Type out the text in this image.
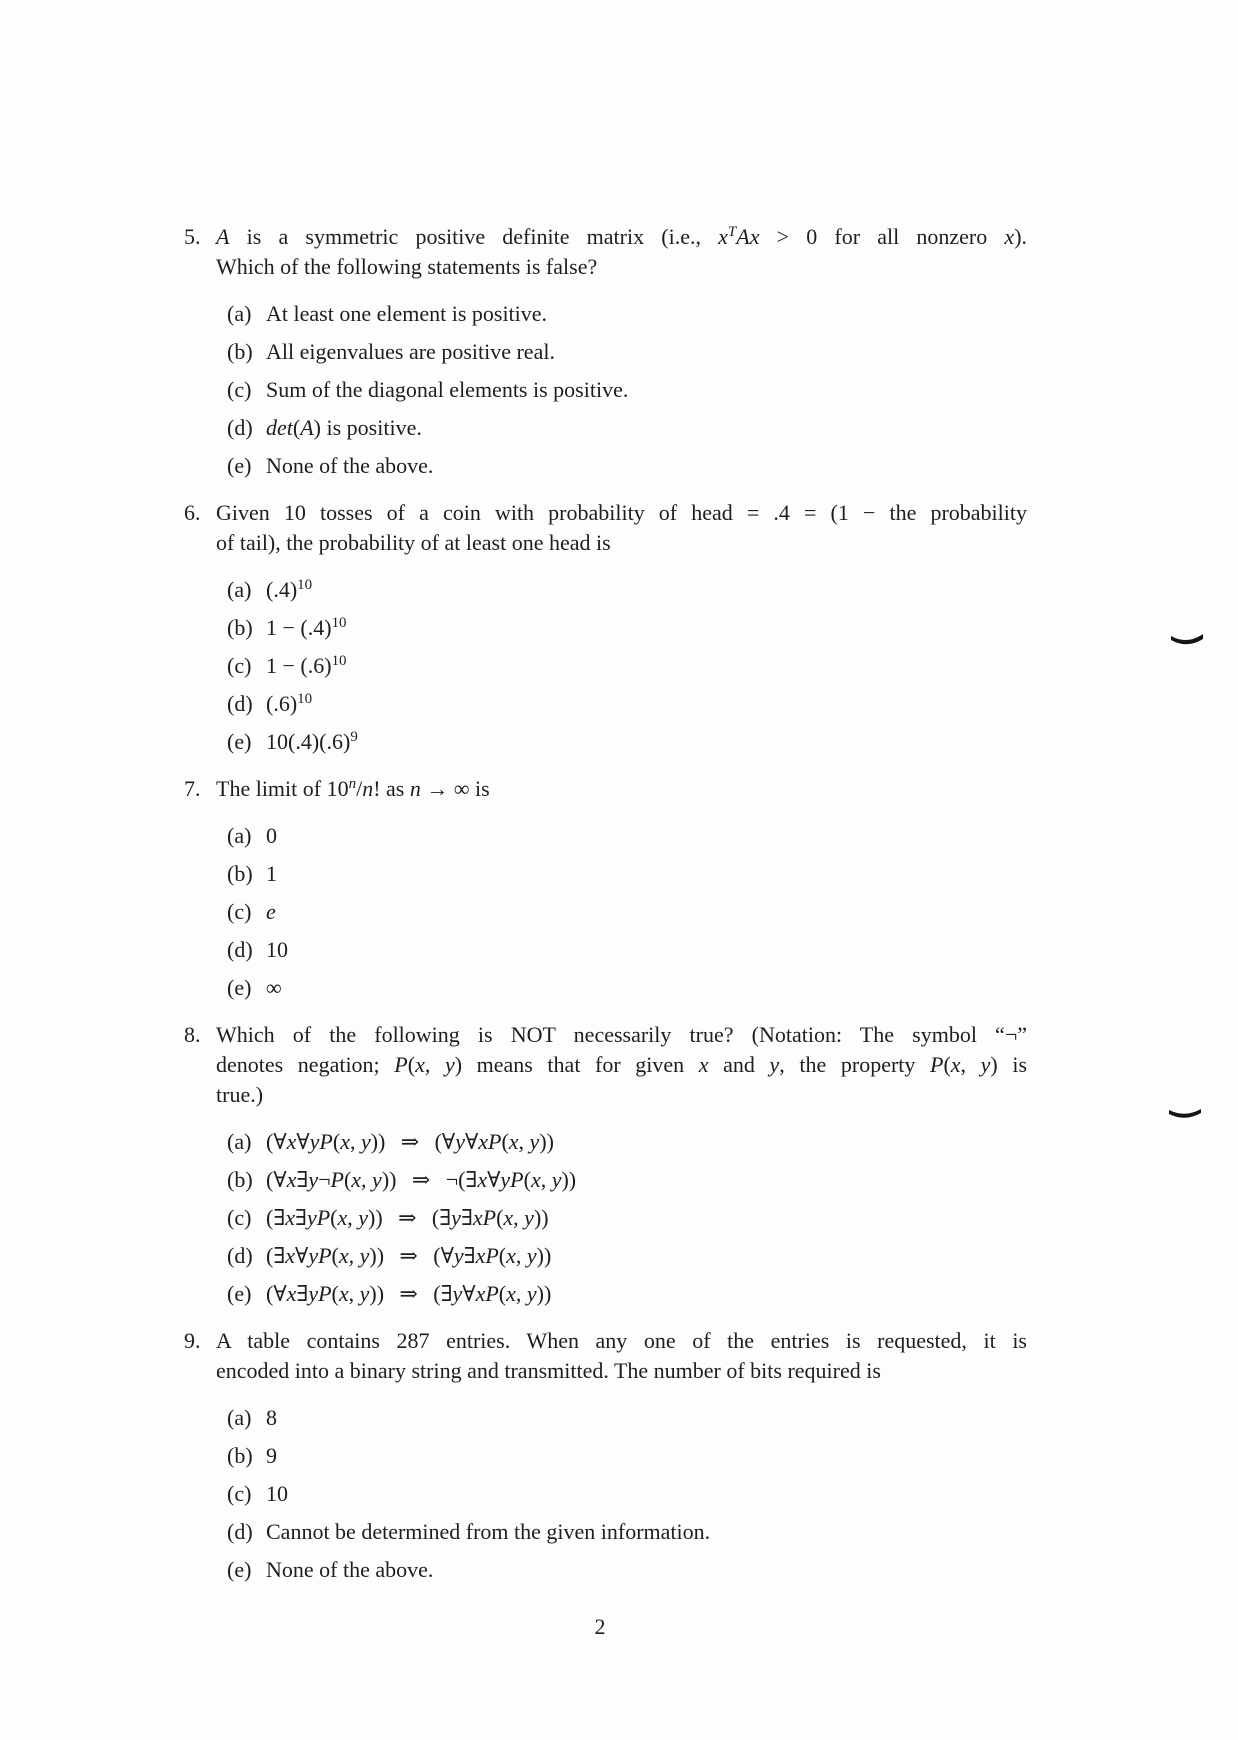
5. A is a symmetric positive definite matrix (i.e., $x^TAx > 0$ for all nonzero x).
Which of the following statements is false?
(a) At least one element is positive.
(b) All eigenvalues are positive real.
(c) Sum of the diagonal elements is positive.
(d) det(A) is positive.
(e) None of the above.
6. Given 10 tosses of a coin with probability of head = .4 = (1 − the probability
of tail), the probability of at least one head is
(a) $(.4)^{10}$
(b) $1 - (.4)^{10}$
(c) $1 - (.6)^{10}$
(d) $(.6)^{10}$
(e) $10(.4)(.6)^9$
7. The limit of 10$^n$/n! as n → ∞ is
(a) 0
(b) 1
(c) e
(d) 10
(e) ∞
8. Which of the following is NOT necessarily true? (Notation: The symbol “¬”
denotes negation; P(x, y) means that for given x and y, the property P(x, y) is
true.)
(a) (∀x∀yP(x, y)) ⇒ (∀y∀xP(x, y))
(b) (∀x∃y¬P(x, y)) ⇒ ¬(∃x∀yP(x, y))
(c) (∃x∃yP(x, y)) ⇒ (∃y∃xP(x, y))
(d) (∃x∀yP(x, y)) ⇒ (∀y∃xP(x, y))
(e) (∀x∃yP(x, y)) ⇒ (∃y∀xP(x, y))
9. A table contains 287 entries. When any one of the entries is requested, it is
encoded into a binary string and transmitted. The number of bits required is
(a) 8
(b) 9
(c) 10
(d) Cannot be determined from the given information.
(e) None of the above.
2
